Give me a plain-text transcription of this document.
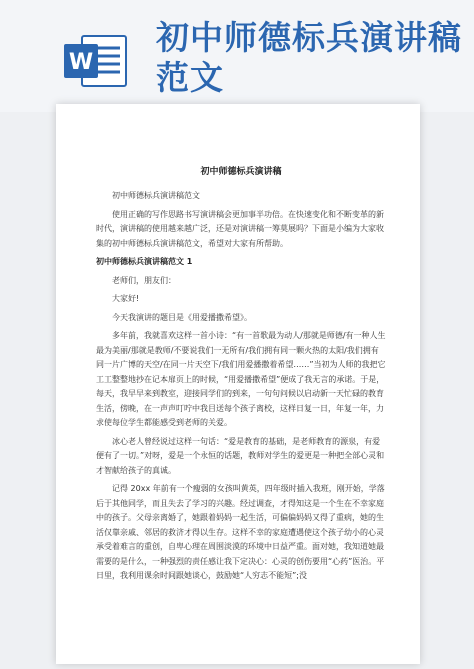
W
初中师德标兵演讲稿范文
初中师德标兵演讲稿

初中师德标兵演讲稿范文

使用正确的写作思路书写演讲稿会更加事半功倍。在快速变化和不断变革的新时代，演讲稿的使用越来越广泛，还是对演讲稿一筹莫展吗？下面是小编为大家收集的初中师德标兵演讲稿范文，希望对大家有所帮助。

初中师德标兵演讲稿范文 1

老师们，朋友们：

大家好!

今天我演讲的题目是《用爱播撒希望》。

多年前，我就喜欢这样一首小诗：“有一首歌最为动人/那就是师德/有一种人生最为美丽/那就是教师/不要说我们一无所有/我们拥有同一颗火热的太阳/我们拥有同一片广博的天空/在同一片天空下/我们用爱播撒着希望……”当初为人师的我把它工工整整地抄在记本扉页上的时候，“用爱播撒希望”便成了我无言的承诺。于是，每天，我早早来到教室，迎接同学们的到来，一句句问候以启动新一天忙碌的教育生活，傍晚，在一声声叮咛中我目送每个孩子离校，这样日复一日，年复一年，力求使每位学生都能感受到老师的关爱。

冰心老人曾经说过这样一句话：“爱是教育的基础，是老师教育的源泉，有爱便有了一切。”对呀，爱是一个永恒的话题，教师对学生的爱更是一种把全部心灵和才智献给孩子的真诚。

记得 20xx 年前有一个瘦弱的女孩叫黄英，四年级时插入我班，刚开始，学落后于其他同学，而且失去了学习的兴趣。经过调查，才得知这是一个生在不幸家庭中的孩子。父母亲离婚了，她跟着妈妈一起生活，可偏偏妈妈又得了重病，她的生活仅靠亲戚、邻居的救济才得以生存。这样不幸的家庭遭遇使这个孩子幼小的心灵承受着难言的重创，自卑心理在周围淡漠的环境中日益严重。面对她，我知道她最需要的是什么，一种强烈的责任感让我下定决心：心灵的创伤要用“心药”医治。平日里，我利用课余时间跟她谈心，鼓励她“人穷志不能短”;没
